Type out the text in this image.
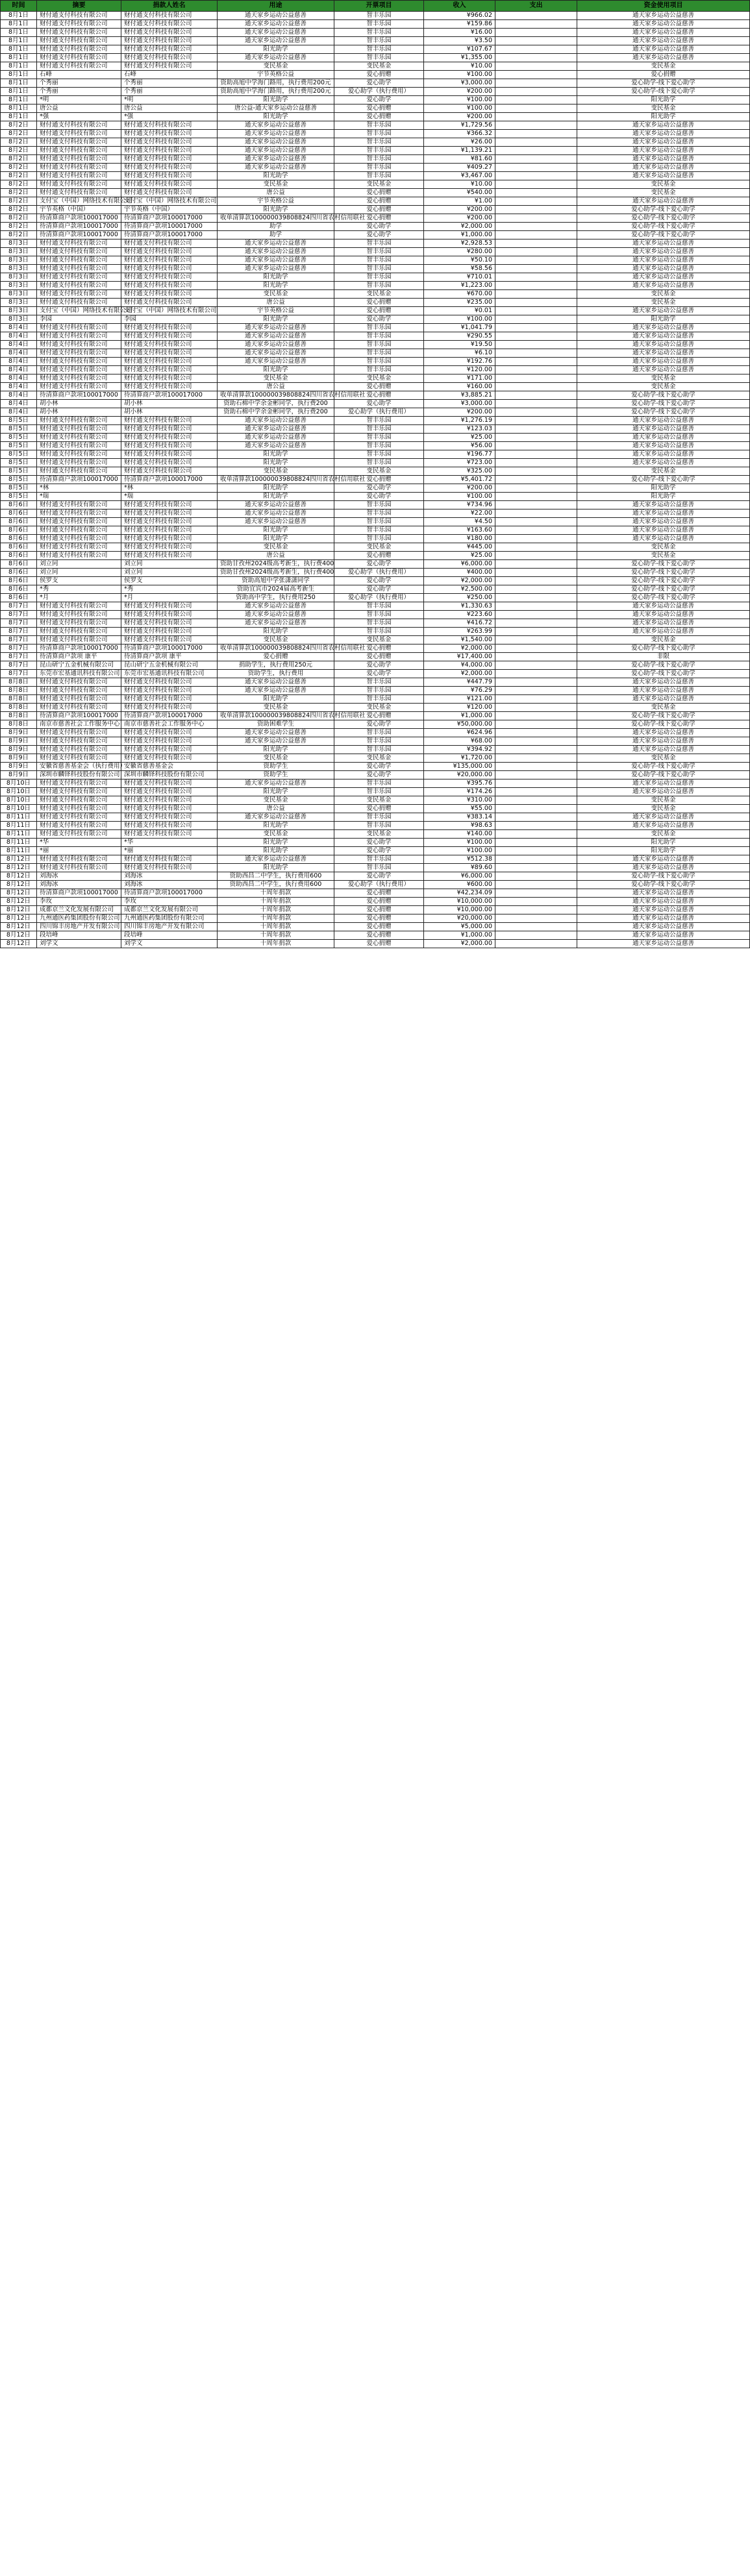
时间	摘要	捐款人姓名	用途	开票项目	收入	支出	资金使用项目
8月1日	财付通支付科技有限公司	财付通支付科技有限公司	通天家乡运动公益慈善	智丰乐园	¥966.02		通天家乡运动公益慈善
8月1日	财付通支付科技有限公司	财付通支付科技有限公司	通天家乡运动公益慈善	智丰乐园	¥159.86		通天家乡运动公益慈善
8月1日	财付通支付科技有限公司	财付通支付科技有限公司	通天家乡运动公益慈善	智丰乐园	¥16.00		通天家乡运动公益慈善
8月1日	财付通支付科技有限公司	财付通支付科技有限公司	通天家乡运动公益慈善	智丰乐园	¥3.50		通天家乡运动公益慈善
8月1日	财付通支付科技有限公司	财付通支付科技有限公司	阳光助学	智丰乐园	¥107.67		通天家乡运动公益慈善
8月1日	财付通支付科技有限公司	财付通支付科技有限公司	通天家乡运动公益慈善	智丰乐园	¥1,355.00		通天家乡运动公益慈善
8月1日	财付通支付科技有限公司	财付通支付科技有限公司	变民基金	变民基金	¥10.00		变民基金
8月1日	石峰	石峰	宇节英格公益	爱心捐赠	¥100.00		爱心捐赠
8月1日	个秀丽	个秀丽	资助高旭中学海门路用，执行费用200元	爱心助学	¥3,000.00		爱心助学-线下爱心助学
8月1日	个秀丽	个秀丽	资助高旭中学海门路用，执行费用200元	爱心助学（执行费用）	¥200.00		爱心助学-线下爱心助学
8月1日	*明	*明	阳光助学	爱心助学	¥100.00		阳光助学
8月1日	唐公益	唐公益	唐公益-通天家乡运动公益慈善	爱心捐赠	¥100.00		变民基金
8月1日	*强	*强	阳光助学	爱心捐赠	¥200.00		阳光助学
8月2日	财付通支付科技有限公司	财付通支付科技有限公司	通天家乡运动公益慈善	智丰乐园	¥1,729.56		通天家乡运动公益慈善
8月2日	财付通支付科技有限公司	财付通支付科技有限公司	通天家乡运动公益慈善	智丰乐园	¥366.32		通天家乡运动公益慈善
8月2日	财付通支付科技有限公司	财付通支付科技有限公司	通天家乡运动公益慈善	智丰乐园	¥26.00		通天家乡运动公益慈善
8月2日	财付通支付科技有限公司	财付通支付科技有限公司	通天家乡运动公益慈善	智丰乐园	¥1,139.21		通天家乡运动公益慈善
8月2日	财付通支付科技有限公司	财付通支付科技有限公司	通天家乡运动公益慈善	智丰乐园	¥81.60		通天家乡运动公益慈善
8月2日	财付通支付科技有限公司	财付通支付科技有限公司	通天家乡运动公益慈善	智丰乐园	¥409.27		通天家乡运动公益慈善
8月2日	财付通支付科技有限公司	财付通支付科技有限公司	阳光助学	智丰乐园	¥3,467.00		通天家乡运动公益慈善
8月2日	财付通支付科技有限公司	财付通支付科技有限公司	变民基金	变民基金	¥10.00		变民基金
8月2日	财付通支付科技有限公司	财付通支付科技有限公司	唐公益	爱心捐赠	¥540.00		变民基金
8月2日	支付宝（中国）网络技术有限公司	支付宝（中国）网络技术有限公司	宇节英格公益	爱心捐赠	¥1.00		通天家乡运动公益慈善
8月2日	宇节英格（中国）	宇节英格（中国）	阳光助学	爱心捐赠	¥200.00		爱心助学-线下爱心助学
8月2日	待清算商户款项100017000	待清算商户款项100017000	收单清算款100000039808824四川省农村信用联社	爱心捐赠	¥200.00		爱心助学-线下爱心助学
8月2日	待清算商户款项100017000	待清算商户款项100017000	助学	爱心助学	¥2,000.00		爱心助学-线下爱心助学
8月2日	待清算商户款项100017000	待清算商户款项100017000	助学	爱心助学	¥1,000.00		爱心助学-线下爱心助学
8月3日	财付通支付科技有限公司	财付通支付科技有限公司	通天家乡运动公益慈善	智丰乐园	¥2,928.53		通天家乡运动公益慈善
8月3日	财付通支付科技有限公司	财付通支付科技有限公司	通天家乡运动公益慈善	智丰乐园	¥280.00		通天家乡运动公益慈善
8月3日	财付通支付科技有限公司	财付通支付科技有限公司	通天家乡运动公益慈善	智丰乐园	¥50.10		通天家乡运动公益慈善
8月3日	财付通支付科技有限公司	财付通支付科技有限公司	通天家乡运动公益慈善	智丰乐园	¥58.56		通天家乡运动公益慈善
8月3日	财付通支付科技有限公司	财付通支付科技有限公司	阳光助学	智丰乐园	¥710.01		通天家乡运动公益慈善
8月3日	财付通支付科技有限公司	财付通支付科技有限公司	阳光助学	智丰乐园	¥1,223.00		通天家乡运动公益慈善
8月3日	财付通支付科技有限公司	财付通支付科技有限公司	变民基金	变民基金	¥670.00		变民基金
8月3日	财付通支付科技有限公司	财付通支付科技有限公司	唐公益	爱心捐赠	¥235.00		变民基金
8月3日	支付宝（中国）网络技术有限公司	支付宝（中国）网络技术有限公司	宇节英格公益	爱心捐赠	¥0.01		通天家乡运动公益慈善
8月3日	李园	李园	阳光助学	爱心助学	¥100.00		阳光助学
8月4日	财付通支付科技有限公司	财付通支付科技有限公司	通天家乡运动公益慈善	智丰乐园	¥1,041.79		通天家乡运动公益慈善
8月4日	财付通支付科技有限公司	财付通支付科技有限公司	通天家乡运动公益慈善	智丰乐园	¥290.55		通天家乡运动公益慈善
8月4日	财付通支付科技有限公司	财付通支付科技有限公司	通天家乡运动公益慈善	智丰乐园	¥19.50		通天家乡运动公益慈善
8月4日	财付通支付科技有限公司	财付通支付科技有限公司	通天家乡运动公益慈善	智丰乐园	¥6.10		通天家乡运动公益慈善
8月4日	财付通支付科技有限公司	财付通支付科技有限公司	通天家乡运动公益慈善	智丰乐园	¥192.76		通天家乡运动公益慈善
8月4日	财付通支付科技有限公司	财付通支付科技有限公司	阳光助学	智丰乐园	¥120.00		通天家乡运动公益慈善
8月4日	财付通支付科技有限公司	财付通支付科技有限公司	变民基金	变民基金	¥171.00		变民基金
8月4日	财付通支付科技有限公司	财付通支付科技有限公司	唐公益	爱心捐赠	¥160.00		变民基金
8月4日	待清算商户款项100017000	待清算商户款项100017000	收单清算款100000039808824四川省农村信用联社	爱心捐赠	¥3,885.21		爱心助学-线下爱心助学
8月4日	胡小林	胡小林	资助石棉中学余金彬同学，执行费200	爱心助学	¥3,000.00		爱心助学-线下爱心助学
8月4日	胡小林	胡小林	资助石棉中学余金彬同学，执行费200	爱心助学（执行费用）	¥200.00		爱心助学-线下爱心助学
8月5日	财付通支付科技有限公司	财付通支付科技有限公司	通天家乡运动公益慈善	智丰乐园	¥1,276.19		通天家乡运动公益慈善
8月5日	财付通支付科技有限公司	财付通支付科技有限公司	通天家乡运动公益慈善	智丰乐园	¥123.03		通天家乡运动公益慈善
8月5日	财付通支付科技有限公司	财付通支付科技有限公司	通天家乡运动公益慈善	智丰乐园	¥25.00		通天家乡运动公益慈善
8月5日	财付通支付科技有限公司	财付通支付科技有限公司	通天家乡运动公益慈善	智丰乐园	¥56.00		通天家乡运动公益慈善
8月5日	财付通支付科技有限公司	财付通支付科技有限公司	阳光助学	智丰乐园	¥196.77		通天家乡运动公益慈善
8月5日	财付通支付科技有限公司	财付通支付科技有限公司	阳光助学	智丰乐园	¥723.00		通天家乡运动公益慈善
8月5日	财付通支付科技有限公司	财付通支付科技有限公司	变民基金	变民基金	¥325.00		变民基金
8月5日	待清算商户款项100017000	待清算商户款项100017000	收单清算款100000039808824四川省农村信用联社	爱心捐赠	¥5,401.72		爱心助学-线下爱心助学
8月5日	*林	*林	阳光助学	爱心助学	¥200.00		阳光助学
8月5日	*瑞	*瑞	阳光助学	爱心助学	¥100.00		阳光助学
8月6日	财付通支付科技有限公司	财付通支付科技有限公司	通天家乡运动公益慈善	智丰乐园	¥734.96		通天家乡运动公益慈善
8月6日	财付通支付科技有限公司	财付通支付科技有限公司	通天家乡运动公益慈善	智丰乐园	¥22.00		通天家乡运动公益慈善
8月6日	财付通支付科技有限公司	财付通支付科技有限公司	通天家乡运动公益慈善	智丰乐园	¥4.50		通天家乡运动公益慈善
8月6日	财付通支付科技有限公司	财付通支付科技有限公司	阳光助学	智丰乐园	¥163.60		通天家乡运动公益慈善
8月6日	财付通支付科技有限公司	财付通支付科技有限公司	阳光助学	智丰乐园	¥180.00		通天家乡运动公益慈善
8月6日	财付通支付科技有限公司	财付通支付科技有限公司	变民基金	变民基金	¥445.00		变民基金
8月6日	财付通支付科技有限公司	财付通支付科技有限公司	唐公益	爱心捐赠	¥25.00		变民基金
8月6日	刘立同	刘立同	资助甘孜州2024级高考新生，执行费400	爱心助学	¥6,000.00		爱心助学-线下爱心助学
8月6日	刘立同	刘立同	资助甘孜州2024级高考新生，执行费400	爱心助学（执行费用）	¥400.00		爱心助学-线下爱心助学
8月6日	侯罗支	侯罗支	资助高旭中学张潇潇同学	爱心助学	¥2,000.00		爱心助学-线下爱心助学
8月6日	*秀	*秀	资助宜宾市2024届高考新生	爱心助学	¥2,500.00		爱心助学-线下爱心助学
8月6日	*月	*月	资助高中学生，执行费用250	爱心助学（执行费用）	¥250.00		爱心助学-线下爱心助学
8月7日	财付通支付科技有限公司	财付通支付科技有限公司	通天家乡运动公益慈善	智丰乐园	¥1,330.63		通天家乡运动公益慈善
8月7日	财付通支付科技有限公司	财付通支付科技有限公司	通天家乡运动公益慈善	智丰乐园	¥223.60		通天家乡运动公益慈善
8月7日	财付通支付科技有限公司	财付通支付科技有限公司	通天家乡运动公益慈善	智丰乐园	¥416.72		通天家乡运动公益慈善
8月7日	财付通支付科技有限公司	财付通支付科技有限公司	阳光助学	智丰乐园	¥263.99		通天家乡运动公益慈善
8月7日	财付通支付科技有限公司	财付通支付科技有限公司	变民基金	变民基金	¥1,540.00		变民基金
8月7日	待清算商户款项100017000	待清算商户款项100017000	收单清算款100000039808824四川省农村信用联社	爱心捐赠	¥2,000.00		爱心助学-线下爱心助学
8月7日	待清算商户款项 康平	待清算商户款项 康平	爱心捐赠	爱心捐赠	¥17,400.00		非限
8月7日	昆山研宁五金机械有限公司	昆山研宁五金机械有限公司	捐助学生，执行费用250元	爱心助学	¥4,000.00		爱心助学-线下爱心助学
8月7日	东莞市宏基通讯科技有限公司	东莞市宏基通讯科技有限公司	资助学生，执行费用	爱心助学	¥2,000.00		爱心助学-线下爱心助学
8月8日	财付通支付科技有限公司	财付通支付科技有限公司	通天家乡运动公益慈善	智丰乐园	¥447.79		通天家乡运动公益慈善
8月8日	财付通支付科技有限公司	财付通支付科技有限公司	通天家乡运动公益慈善	智丰乐园	¥76.29		通天家乡运动公益慈善
8月8日	财付通支付科技有限公司	财付通支付科技有限公司	阳光助学	智丰乐园	¥121.00		通天家乡运动公益慈善
8月8日	财付通支付科技有限公司	财付通支付科技有限公司	变民基金	变民基金	¥120.00		变民基金
8月8日	待清算商户款项100017000	待清算商户款项100017000	收单清算款100000039808824四川省农村信用联社	爱心捐赠	¥1,000.00		爱心助学-线下爱心助学
8月8日	南京市慈善社会工作服务中心	南京市慈善社会工作服务中心	资助困难学生	爱心助学	¥50,000.00		爱心助学-线下爱心助学
8月9日	财付通支付科技有限公司	财付通支付科技有限公司	通天家乡运动公益慈善	智丰乐园	¥624.96		通天家乡运动公益慈善
8月9日	财付通支付科技有限公司	财付通支付科技有限公司	通天家乡运动公益慈善	智丰乐园	¥68.00		通天家乡运动公益慈善
8月9日	财付通支付科技有限公司	财付通支付科技有限公司	阳光助学	智丰乐园	¥394.92		通天家乡运动公益慈善
8月9日	财付通支付科技有限公司	财付通支付科技有限公司	变民基金	变民基金	¥1,720.00		变民基金
8月9日	安徽省慈善基金会（执行费用）	安徽省慈善基金会	资助学生	爱心助学	¥135,000.00		爱心助学-线下爱心助学
8月9日	深圳市麟铎科技股份有限公司	深圳市麟铎科技股份有限公司	资助学生	爱心助学	¥20,000.00		爱心助学-线下爱心助学
8月10日	财付通支付科技有限公司	财付通支付科技有限公司	通天家乡运动公益慈善	智丰乐园	¥395.76		通天家乡运动公益慈善
8月10日	财付通支付科技有限公司	财付通支付科技有限公司	阳光助学	智丰乐园	¥174.26		通天家乡运动公益慈善
8月10日	财付通支付科技有限公司	财付通支付科技有限公司	变民基金	变民基金	¥310.00		变民基金
8月10日	财付通支付科技有限公司	财付通支付科技有限公司	唐公益	爱心捐赠	¥55.00		变民基金
8月11日	财付通支付科技有限公司	财付通支付科技有限公司	通天家乡运动公益慈善	智丰乐园	¥383.14		通天家乡运动公益慈善
8月11日	财付通支付科技有限公司	财付通支付科技有限公司	阳光助学	智丰乐园	¥98.63		通天家乡运动公益慈善
8月11日	财付通支付科技有限公司	财付通支付科技有限公司	变民基金	变民基金	¥140.00		变民基金
8月11日	*华	*华	阳光助学	爱心助学	¥100.00		阳光助学
8月11日	*丽	*丽	阳光助学	爱心助学	¥100.00		阳光助学
8月12日	财付通支付科技有限公司	财付通支付科技有限公司	通天家乡运动公益慈善	智丰乐园	¥512.38		通天家乡运动公益慈善
8月12日	财付通支付科技有限公司	财付通支付科技有限公司	阳光助学	智丰乐园	¥89.60		通天家乡运动公益慈善
8月12日	刘海冰	刘海冰	资助西昌二中学生，执行费用600	爱心助学	¥6,000.00		爱心助学-线下爱心助学
8月12日	刘海冰	刘海冰	资助西昌二中学生，执行费用600	爱心助学（执行费用）	¥600.00		爱心助学-线下爱心助学
8月12日	待清算商户款项100017000	待清算商户款项100017000	十周年捐款	爱心捐赠	¥42,234.09		通天家乡运动公益慈善
8月12日	李玫	李玫	十周年捐款	爱心捐赠	¥10,000.00		通天家乡运动公益慈善
8月12日	成都京兰文化发展有限公司	成都京兰文化发展有限公司	十周年捐款	爱心捐赠	¥10,000.00		通天家乡运动公益慈善
8月12日	九州通医药集团股份有限公司	九州通医药集团股份有限公司	十周年捐款	爱心捐赠	¥20,000.00		通天家乡运动公益慈善
8月12日	四川锦丰房地产开发有限公司	四川锦丰房地产开发有限公司	十周年捐款	爱心捐赠	¥5,000.00		通天家乡运动公益慈善
8月12日	段培峰	段培峰	十周年捐款	爱心捐赠	¥1,000.00		通天家乡运动公益慈善
8月12日	刘学文	刘学文	十周年捐款	爱心捐赠	¥2,000.00		通天家乡运动公益慈善
